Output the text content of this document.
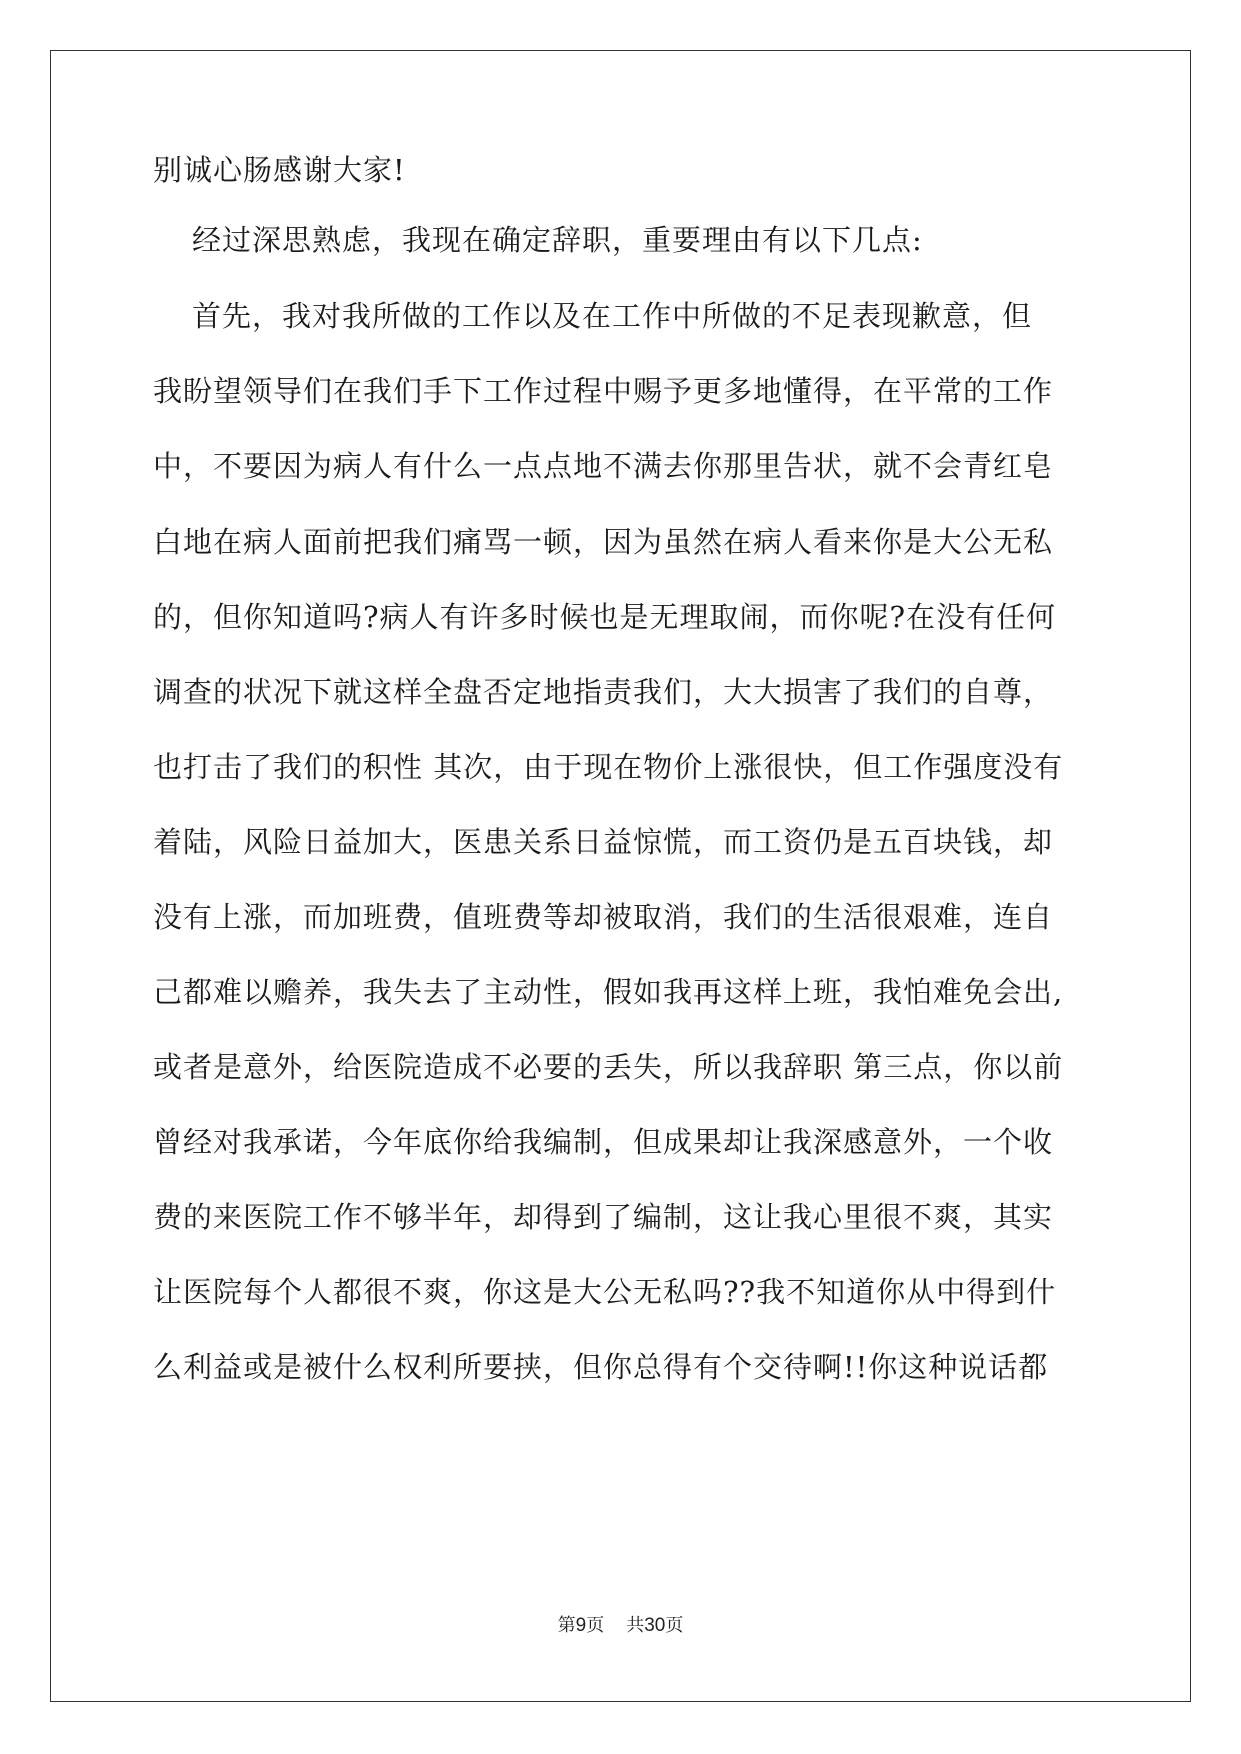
别诚心肠感谢大家!
经过深思熟虑，我现在确定辞职，重要理由有以下几点:
首先，我对我所做的工作以及在工作中所做的不足表现歉意，但
我盼望领导们在我们手下工作过程中赐予更多地懂得，在平常的工作
中，不要因为病人有什么一点点地不满去你那里告状，就不会青红皂
白地在病人面前把我们痛骂一顿，因为虽然在病人看来你是大公无私
的，但你知道吗?病人有许多时候也是无理取闹，而你呢?在没有任何
调查的状况下就这样全盘否定地指责我们，大大损害了我们的自尊，
也打击了我们的积性 其次，由于现在物价上涨很快，但工作强度没有
着陆，风险日益加大，医患关系日益惊慌，而工资仍是五百块钱，却
没有上涨，而加班费，值班费等却被取消，我们的生活很艰难，连自
己都难以赡养，我失去了主动性，假如我再这样上班，我怕难免会出,
或者是意外，给医院造成不必要的丢失，所以我辞职 第三点，你以前
曾经对我承诺，今年底你给我编制，但成果却让我深感意外，一个收
费的来医院工作不够半年，却得到了编制，这让我心里很不爽，其实
让医院每个人都很不爽，你这是大公无私吗??我不知道你从中得到什
么利益或是被什么权利所要挟，但你总得有个交待啊!!你这种说话都
第9页 共30页
